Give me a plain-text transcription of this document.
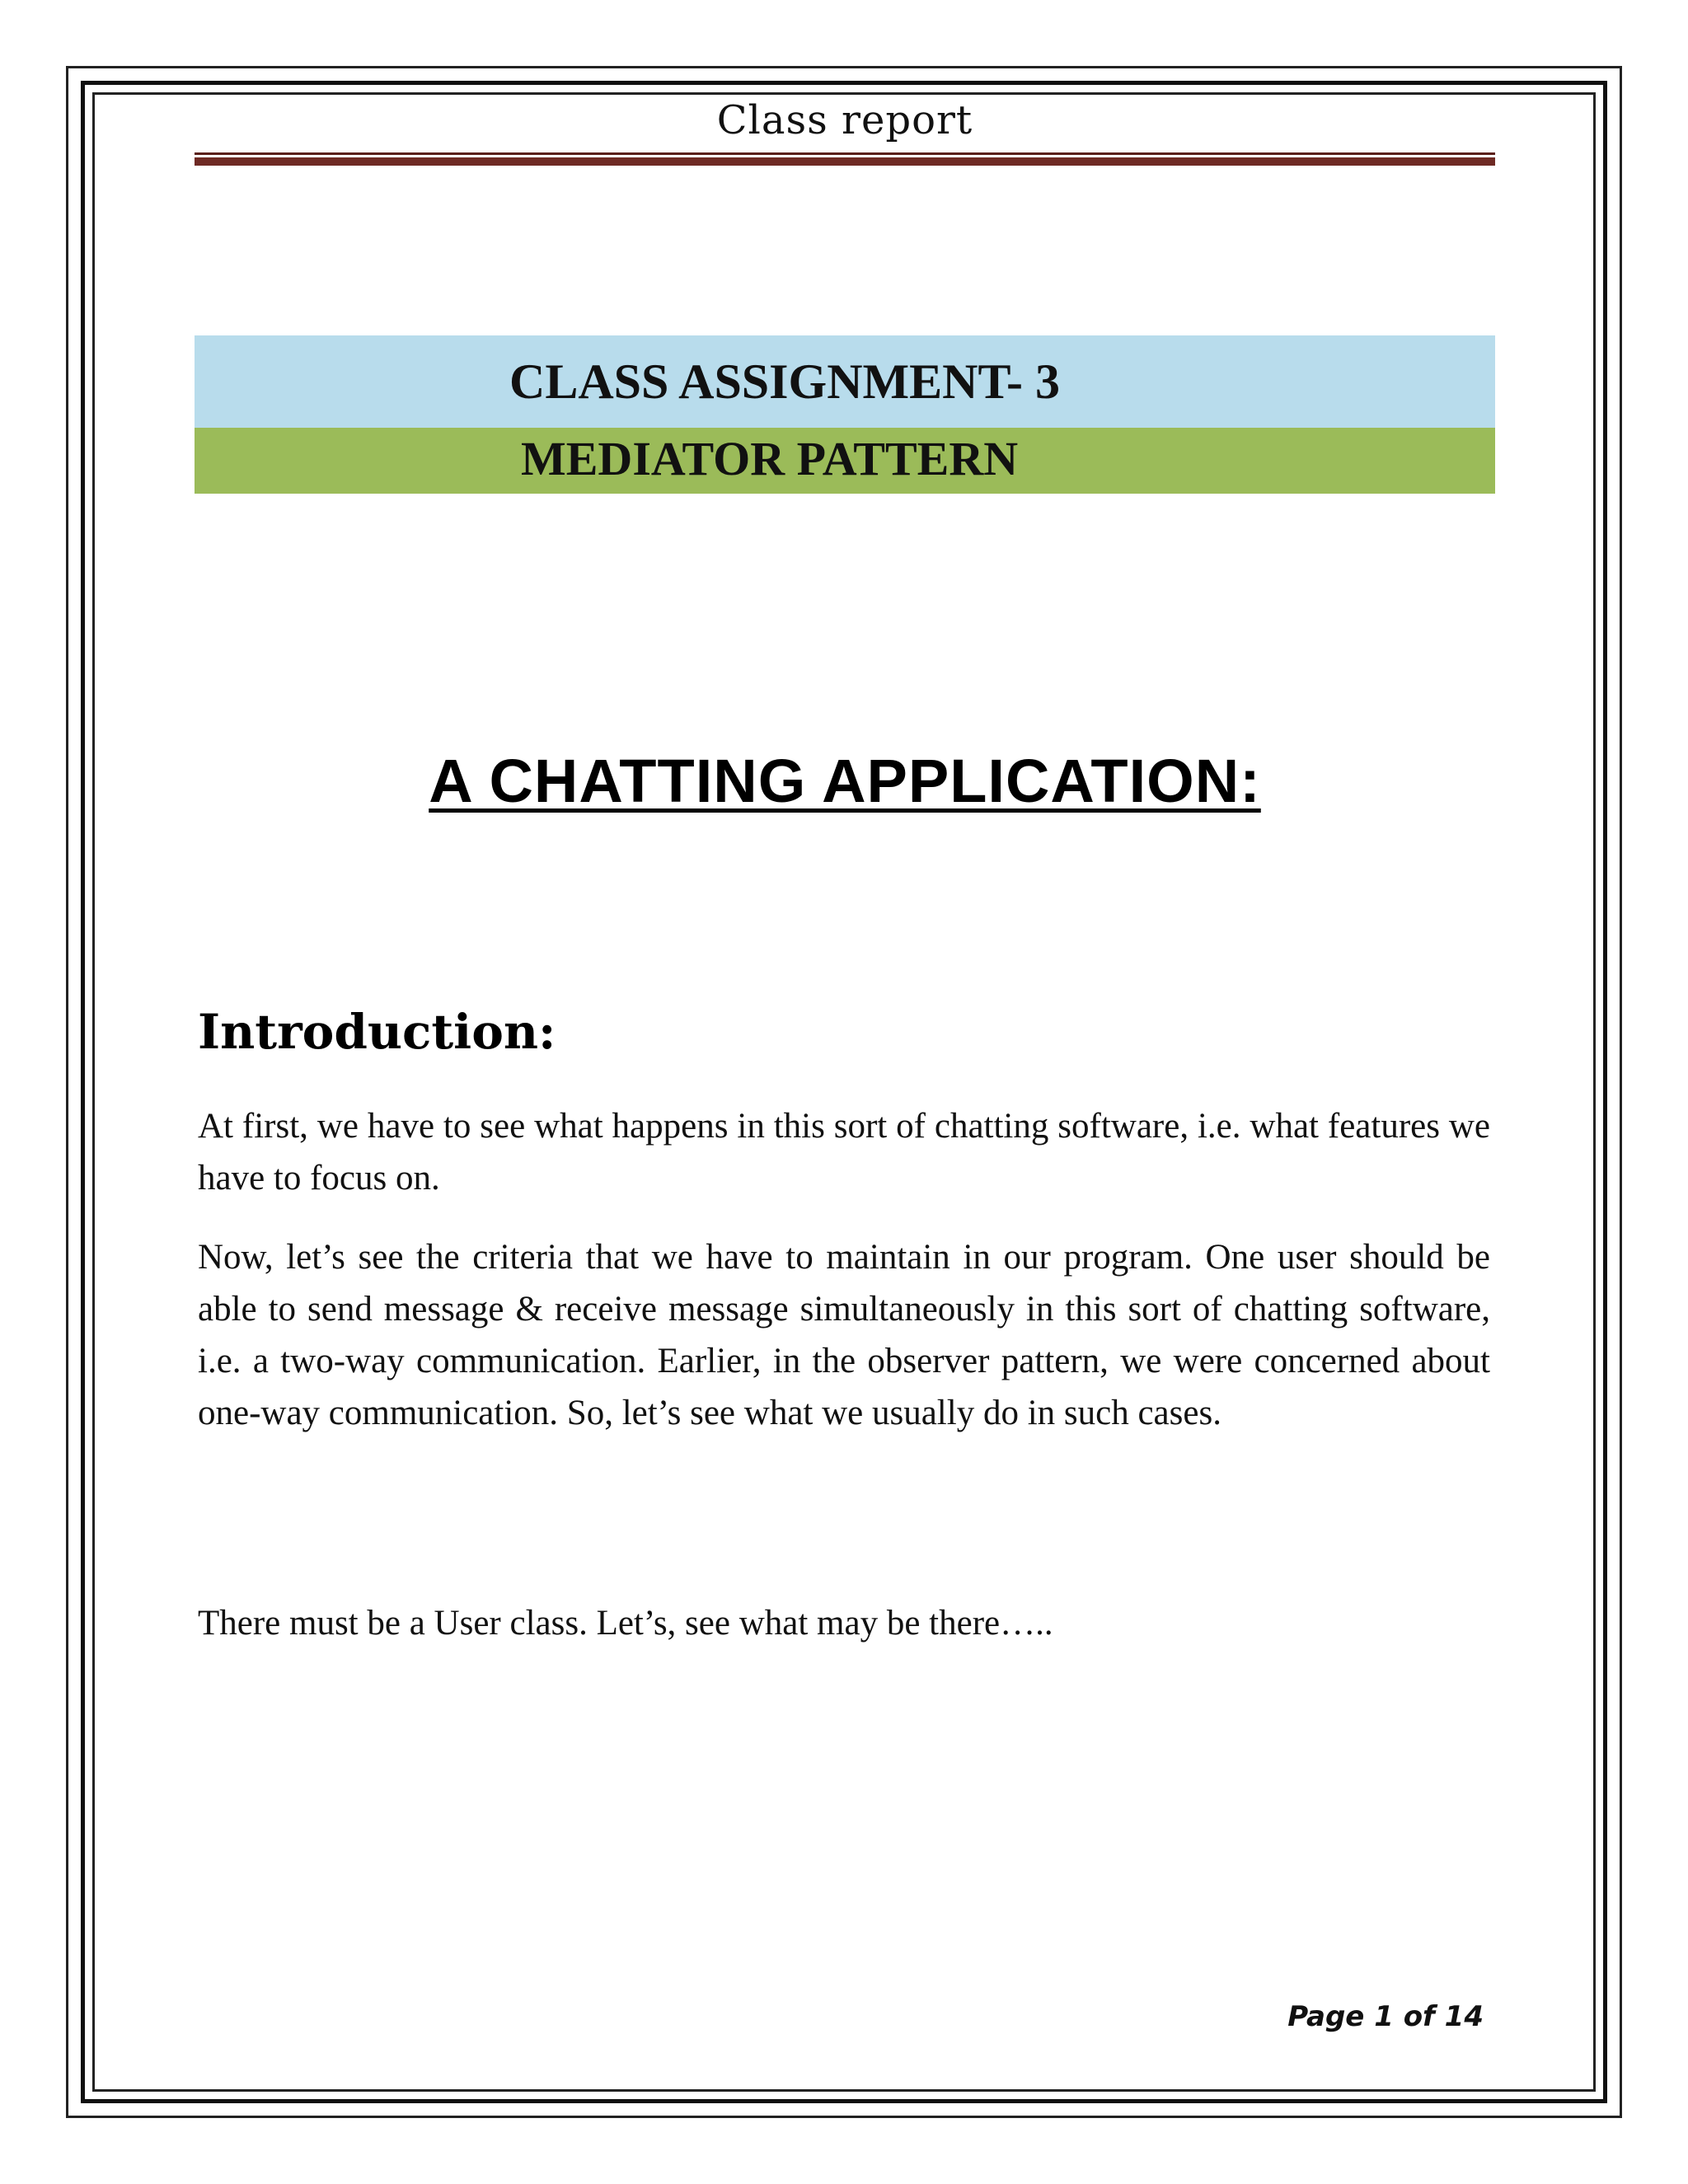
Class report
CLASS ASSIGNMENT- 3
MEDIATOR PATTERN
A CHATTING APPLICATION:
Introduction:

At first, we have to see what happens in this sort of chatting software, i.e. what features we have to focus on.

Now, let’s see the criteria that we have to maintain in our program. One user should be able to send message & receive message simultaneously in this sort of chatting software, i.e. a two-way communication. Earlier, in the observer pattern, we were concerned about one-way communication. So, let’s see what we usually do in such cases.

There must be a User class. Let’s, see what may be there…..

Page 1 of 14
